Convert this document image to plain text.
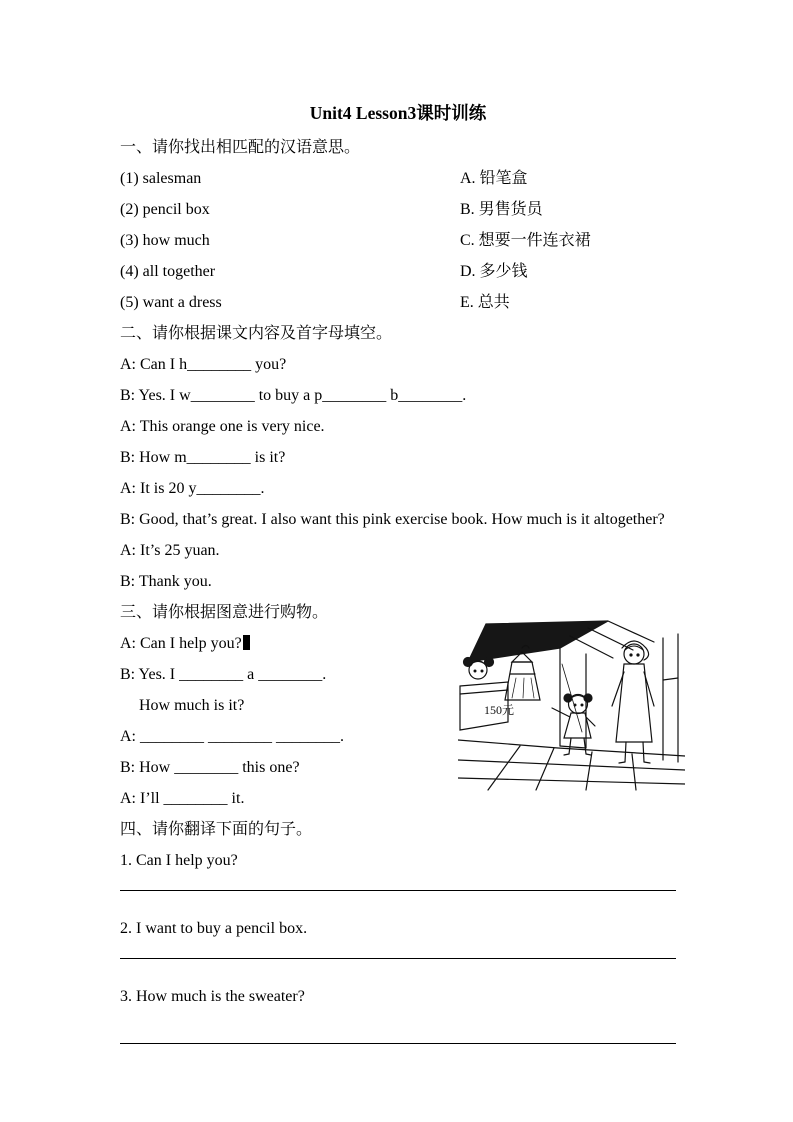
Unit4 Lesson3课时训练
一、请你找出相匹配的汉语意思。
(1) salesman	A. 铅笔盒
(2) pencil box	B. 男售货员
(3) how much	C. 想要一件连衣裙
(4) all together	D. 多少钱
(5) want a dress	E. 总共
二、请你根据课文内容及首字母填空。
A: Can I h________ you?
B: Yes. I w________ to buy a p________ b________.
A: This orange one is very nice.
B: How m________ is it?
A: It is 20 y________.
B: Good, that’s great. I also want this pink exercise book. How much is it altogether?
A: It’s 25 yuan.
B: Thank you.
三、请你根据图意进行购物。
A: Can I help you?
B: Yes. I ________ a ________.
How much is it?
A: ________ ________ ________.
B: How ________ this one?
A: I’ll ________ it.
四、请你翻译下面的句子。
1. Can I help you?
2. I want to buy a pencil box.
3. How much is the sweater?
150元
